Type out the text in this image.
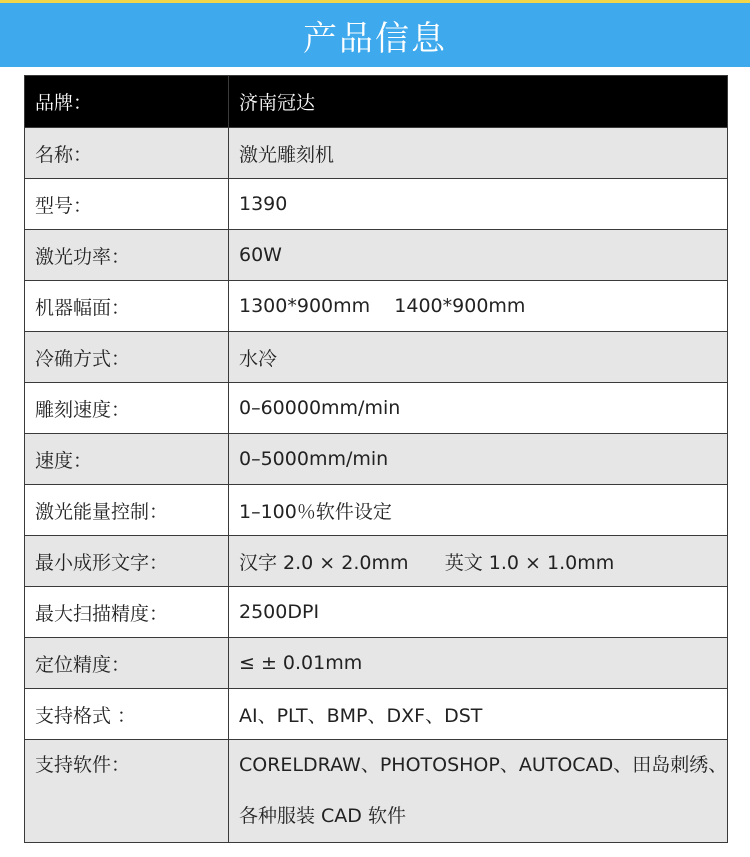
产品信息
品牌：	济南冠达
名称：	激光雕刻机
型号：	1390
激光功率：	60W
机器幅面：	1300*900mm    1400*900mm
冷确方式：	水冷
雕刻速度：	0–60000mm/min
速度：	0–5000mm/min
激光能量控制：	1–100％软件设定
最小成形文字：	汉字 2.0 × 2.0mm      英文 1.0 × 1.0mm
最大扫描精度：	2500DPI
定位精度：	≤ ± 0.01mm
支持格式 ：	AI、PLT、BMP、DXF、DST
支持软件：	CORELDRAW、PHOTOSHOP、AUTOCAD、田岛刺绣、
各种服装 CAD 软件
